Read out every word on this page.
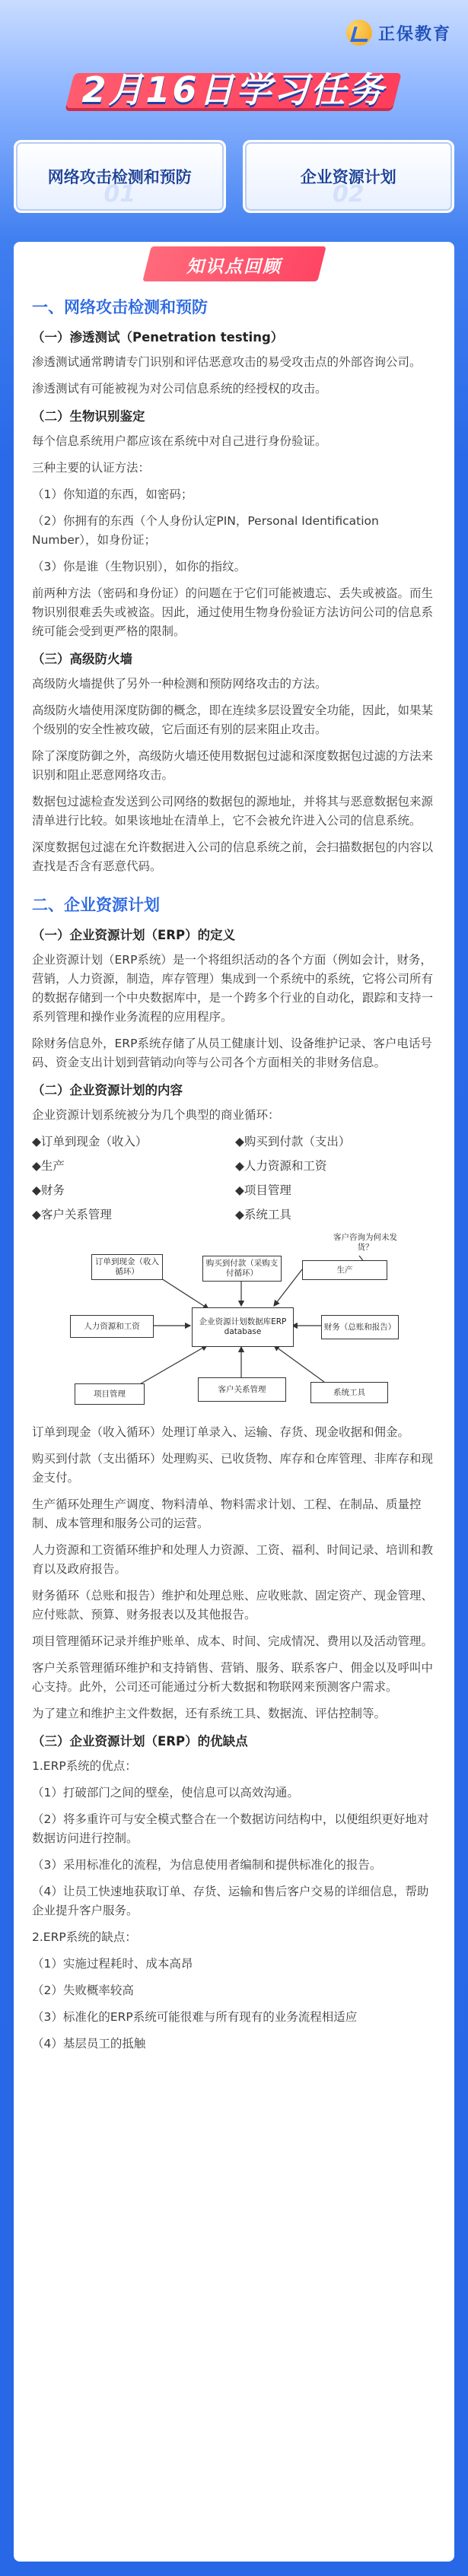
正保教育
2月16日学习任务
01
网络攻击检测和预防
02
企业资源计划
知识点回顾
一、网络攻击检测和预防
（一）渗透测试（Penetration testing）

渗透测试通常聘请专门识别和评估恶意攻击的易受攻击点的外部咨询公司。

渗透测试有可能被视为对公司信息系统的经授权的攻击。

（二）生物识别鉴定

每个信息系统用户都应该在系统中对自己进行身份验证。

三种主要的认证方法：

（1）你知道的东西，如密码；

（2）你拥有的东西（个人身份认定PIN，Personal Identification Number），如身份证；

（3）你是谁（生物识别），如你的指纹。

前两种方法（密码和身份证）的问题在于它们可能被遗忘、丢失或被盗。而生物识别很难丢失或被盗。因此，通过使用生物身份验证方法访问公司的信息系统可能会受到更严格的限制。

（三）高级防火墙

高级防火墙提供了另外一种检测和预防网络攻击的方法。

高级防火墙使用深度防御的概念，即在连续多层设置安全功能，因此，如果某个级别的安全性被攻破，它后面还有别的层来阻止攻击。

除了深度防御之外，高级防火墙还使用数据包过滤和深度数据包过滤的方法来识别和阻止恶意网络攻击。

数据包过滤检查发送到公司网络的数据包的源地址，并将其与恶意数据包来源清单进行比较。如果该地址在清单上，它不会被允许进入公司的信息系统。

深度数据包过滤在允许数据进入公司的信息系统之前，会扫描数据包的内容以查找是否含有恶意代码。

二、企业资源计划
（一）企业资源计划（ERP）的定义

企业资源计划（ERP系统）是一个将组织活动的各个方面（例如会计，财务，营销，人力资源，制造，库存管理）集成到一个系统中的系统，它将公司所有的数据存储到一个中央数据库中，是一个跨多个行业的自动化，跟踪和支持一系列管理和操作业务流程的应用程序。

除财务信息外，ERP系统存储了从员工健康计划、设备维护记录、客户电话号码、资金支出计划到营销动向等与公司各个方面相关的非财务信息。

（二）企业资源计划的内容

企业资源计划系统被分为几个典型的商业循环：

◆订单到现金（收入）	◆购买到付款（支出）
◆生产	◆人力资源和工资
◆财务	◆项目管理
◆客户关系管理	◆系统工具
企业资源计划数据库ERP database
订单到现金（收入循环）
购买到付款（采购支付循环）	生产
客户咨询为何未发货？
人力资源和工资	财务（总账和报告）
项目管理	客户关系管理	系统工具

订单到现金（收入循环）处理订单录入、运输、存货、现金收据和佣金。

购买到付款（支出循环）处理购买、已收货物、库存和仓库管理、非库存和现金支付。

生产循环处理生产调度、物料清单、物料需求计划、工程、在制品、质量控制、成本管理和服务公司的运营。

人力资源和工资循环维护和处理人力资源、工资、福利、时间记录、培训和教育以及政府报告。

财务循环（总账和报告）维护和处理总账、应收账款、固定资产、现金管理、应付账款、预算、财务报表以及其他报告。

项目管理循环记录并维护账单、成本、时间、完成情况、费用以及活动管理。

客户关系管理循环维护和支持销售、营销、服务、联系客户、佣金以及呼叫中心支持。此外，公司还可能通过分析大数据和物联网来预测客户需求。

为了建立和维护主文件数据，还有系统工具、数据流、评估控制等。

（三）企业资源计划（ERP）的优缺点

1.ERP系统的优点：

（1）打破部门之间的壁垒，使信息可以高效沟通。

（2）将多重许可与安全模式整合在一个数据访问结构中，以便组织更好地对数据访问进行控制。

（3）采用标准化的流程，为信息使用者编制和提供标准化的报告。

（4）让员工快速地获取订单、存货、运输和售后客户交易的详细信息，帮助企业提升客户服务。

2.ERP系统的缺点：

（1）实施过程耗时、成本高昂

（2）失败概率较高

（3）标准化的ERP系统可能很难与所有现有的业务流程相适应

（4）基层员工的抵触
